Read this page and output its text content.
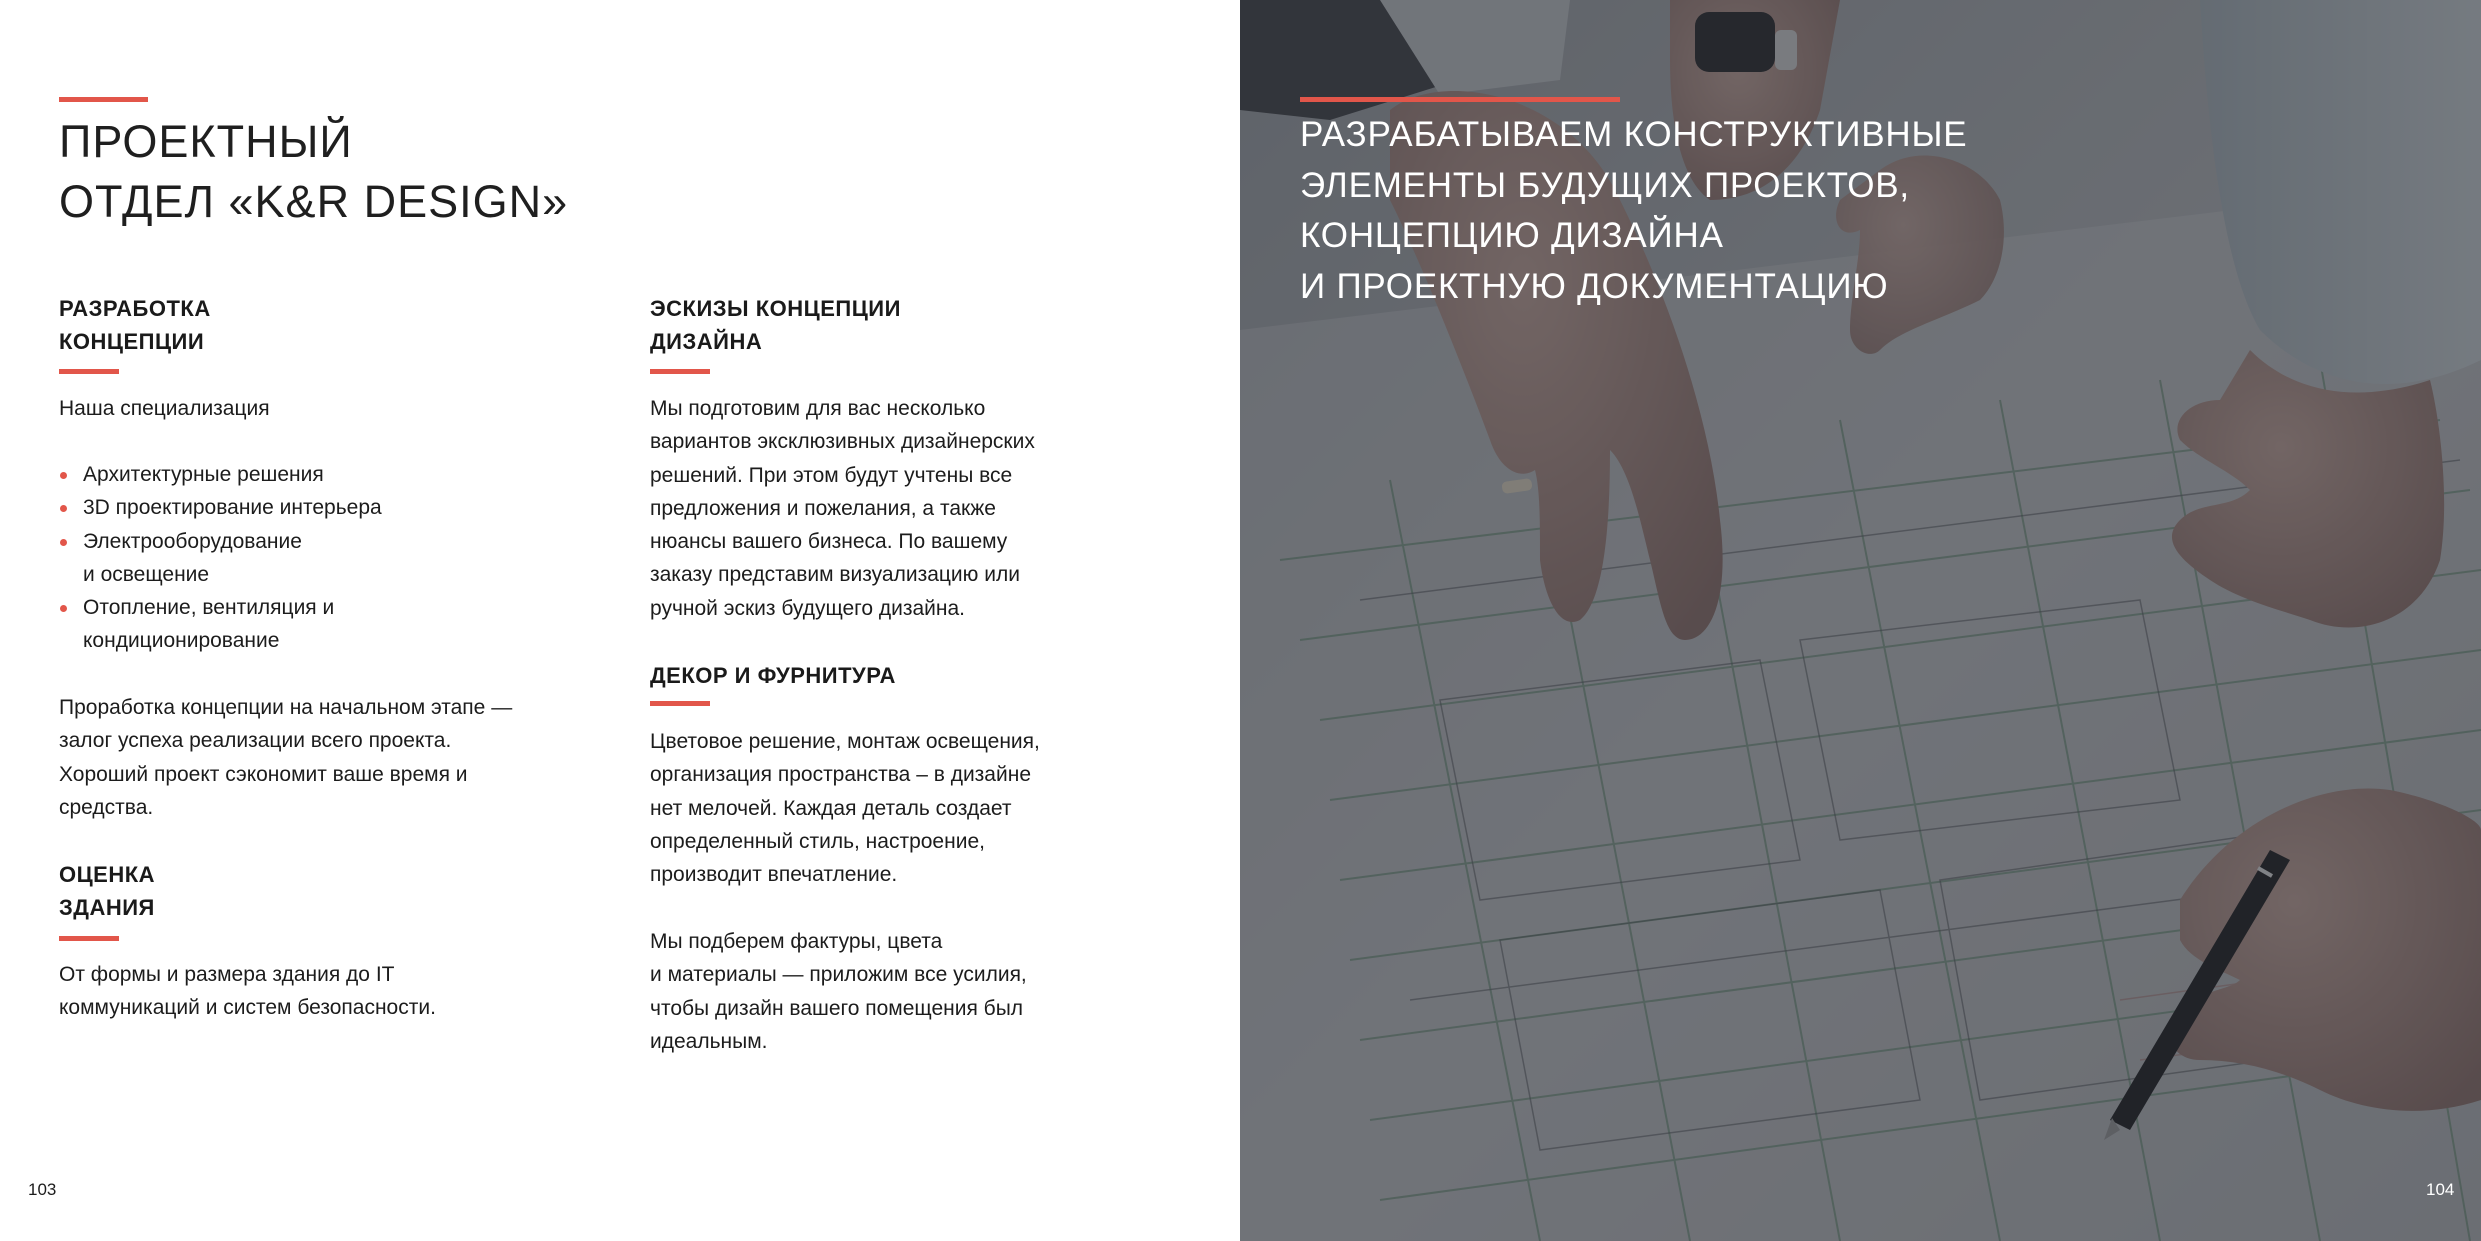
ПРОЕКТНЫЙ
ОТДЕЛ «K&R DESIGN»
РАЗРАБОТКА
КОНЦЕПЦИИ

Наша специализация

Архитектурные решения
3D проектирование интерьера
Электрооборудование
и освещение
Отопление, вентиляция и
кондиционирование

Проработка концепции на начальном этапе —
залог успеха реализации всего проекта.
Хороший проект сэкономит ваше время и
средства.

ОЦЕНКА
ЗДАНИЯ

От формы и размера здания до IT
коммуникаций и систем безопасности.

ЭСКИЗЫ КОНЦЕПЦИИ
ДИЗАЙНА

Мы подготовим для вас несколько
вариантов эксклюзивных дизайнерских
решений. При этом будут учтены все
предложения и пожелания, а также
нюансы вашего бизнеса. По вашему
заказу представим визуализацию или
ручной эскиз будущего дизайна.

ДЕКОР И ФУРНИТУРА

Цветовое решение, монтаж освещения,
организация пространства – в дизайне
нет мелочей. Каждая деталь создает
определенный стиль, настроение,
производит впечатление.

Мы подберем фактуры, цвета
и материалы — приложим все усилия,
чтобы дизайн вашего помещения был
идеальным.

103
РАЗРАБАТЫВАЕМ КОНСТРУКТИВНЫЕ
ЭЛЕМЕНТЫ БУДУЩИХ ПРОЕКТОВ,
КОНЦЕПЦИЮ ДИЗАЙНА
И ПРОЕКТНУЮ ДОКУМЕНТАЦИЮ
104
